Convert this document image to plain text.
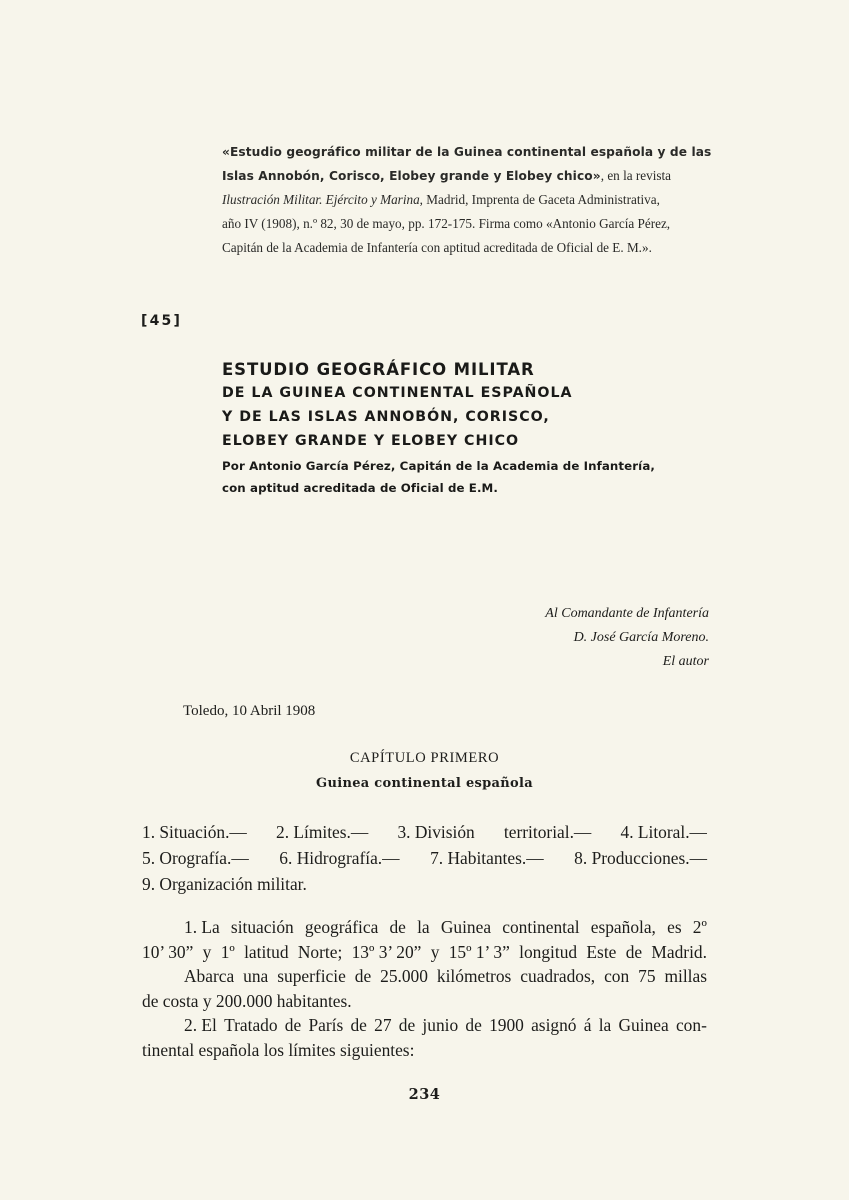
«Estudio geográfico militar de la Guinea continental española y de las Islas Annobón, Corisco, Elobey grande y Elobey chico», en la revista
Ilustración Militar. Ejército y Marina, Madrid, Imprenta de Gaceta Administrativa,
año IV (1908), n.º 82, 30 de mayo, pp. 172-175. Firma como «Antonio García Pérez,
Capitán de la Academia de Infantería con aptitud acreditada de Oficial de E. M.».
[45]
ESTUDIO GEOGRÁFICO MILITAR
DE LA GUINEA CONTINENTAL ESPAÑOLA
Y DE LAS ISLAS ANNOBÓN, CORISCO,
ELOBEY GRANDE Y ELOBEY CHICO
Por Antonio García Pérez, Capitán de la Academia de Infantería,
con aptitud acreditada de Oficial de E.M.
Al Comandante de Infantería
D. José García Moreno.
El autor
Toledo, 10 Abril 1908
CAPÍTULO PRIMERO
Guinea continental española
1. Situación.— 2. Límites.— 3. División territorial.— 4. Litoral.—
5. Orografía.— 6. Hidrografía.— 7. Habitantes.— 8. Producciones.—
9. Organización militar.
1. La situación geográfica de la Guinea continental española, es 2º
10’ 30” y 1º latitud Norte; 13º 3’ 20” y 15º 1’ 3” longitud Este de Madrid.
Abarca una superficie de 25.000 kilómetros cuadrados, con 75 millas
de costa y 200.000 habitantes.
2. El Tratado de París de 27 de junio de 1900 asignó á la Guinea con-
tinental española los límites siguientes:
234
